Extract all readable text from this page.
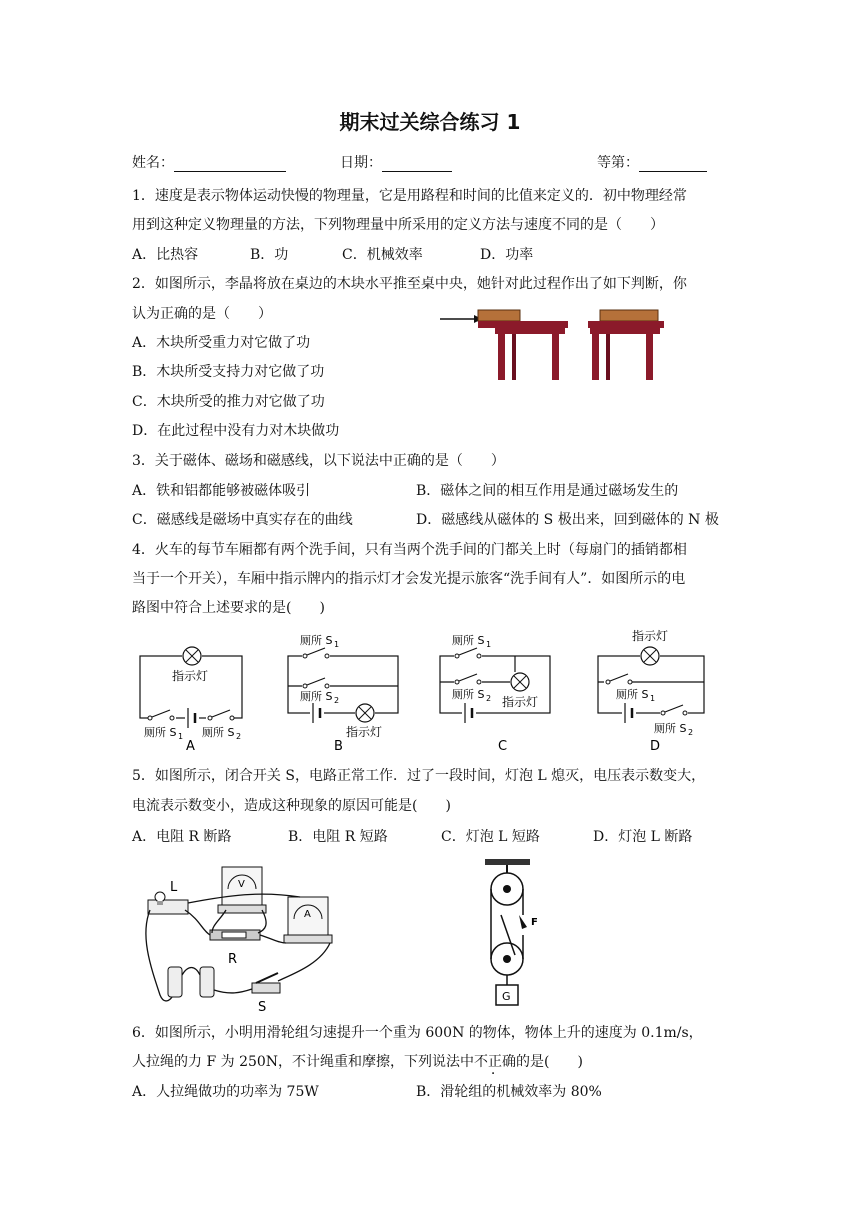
期末过关综合练习 1
姓名：	日期：	等第：
1．速度是表示物体运动快慢的物理量，它是用路程和时间的比值来定义的．初中物理经常
用到这种定义物理量的方法，下列物理量中所采用的定义方法与速度不同的是（　　）
A．比热容	B．功	C．机械效率	D．功率
2．如图所示，李晶将放在桌边的木块水平推至桌中央，她针对此过程作出了如下判断，你
认为正确的是（　　）
A．木块所受重力对它做了功
B．木块所受支持力对它做了功
C．木块所受的推力对它做了功
D．在此过程中没有力对木块做功
3．关于磁体、磁场和磁感线，以下说法中正确的是（　　）
A．铁和铝都能够被磁体吸引	B．磁体之间的相互作用是通过磁场发生的
C．磁感线是磁场中真实存在的曲线	D．磁感线从磁体的 S 极出来，回到磁体的 N 极
4．火车的每节车厢都有两个洗手间，只有当两个洗手间的门都关上时（每扇门的插销都相
当于一个开关），车厢中指示牌内的指示灯才会发光提示旅客“洗手间有人”．如图所示的电
路图中符合上述要求的是(　　)
指示灯
厕所 S 1 厕所 S 2
A
厕所 S 1
厕所 S 2
指示灯
B
厕所 S 1
厕所 S 2 指示灯
C
指示灯
厕所 S 1
厕所 S 2
D
5．如图所示，闭合开关 S，电路正常工作．过了一段时间，灯泡 L 熄灭，电压表示数变大，
电流表示数变小，造成这种现象的原因可能是(　　)
A．电阻 R 断路	B．电阻 R 短路	C．灯泡 L 短路	D．灯泡 L 断路
L	V
R
A
S
F
G
6．如图所示，小明用滑轮组匀速提升一个重为 600N 的物体，物体上升的速度为 0.1m/s，
人拉绳的力 F 为 250N，不计绳重和摩擦，下列说法中不正确的是(　　)
A．人拉绳做功的功率为 75W	B．滑轮组的机械效率为 80%
